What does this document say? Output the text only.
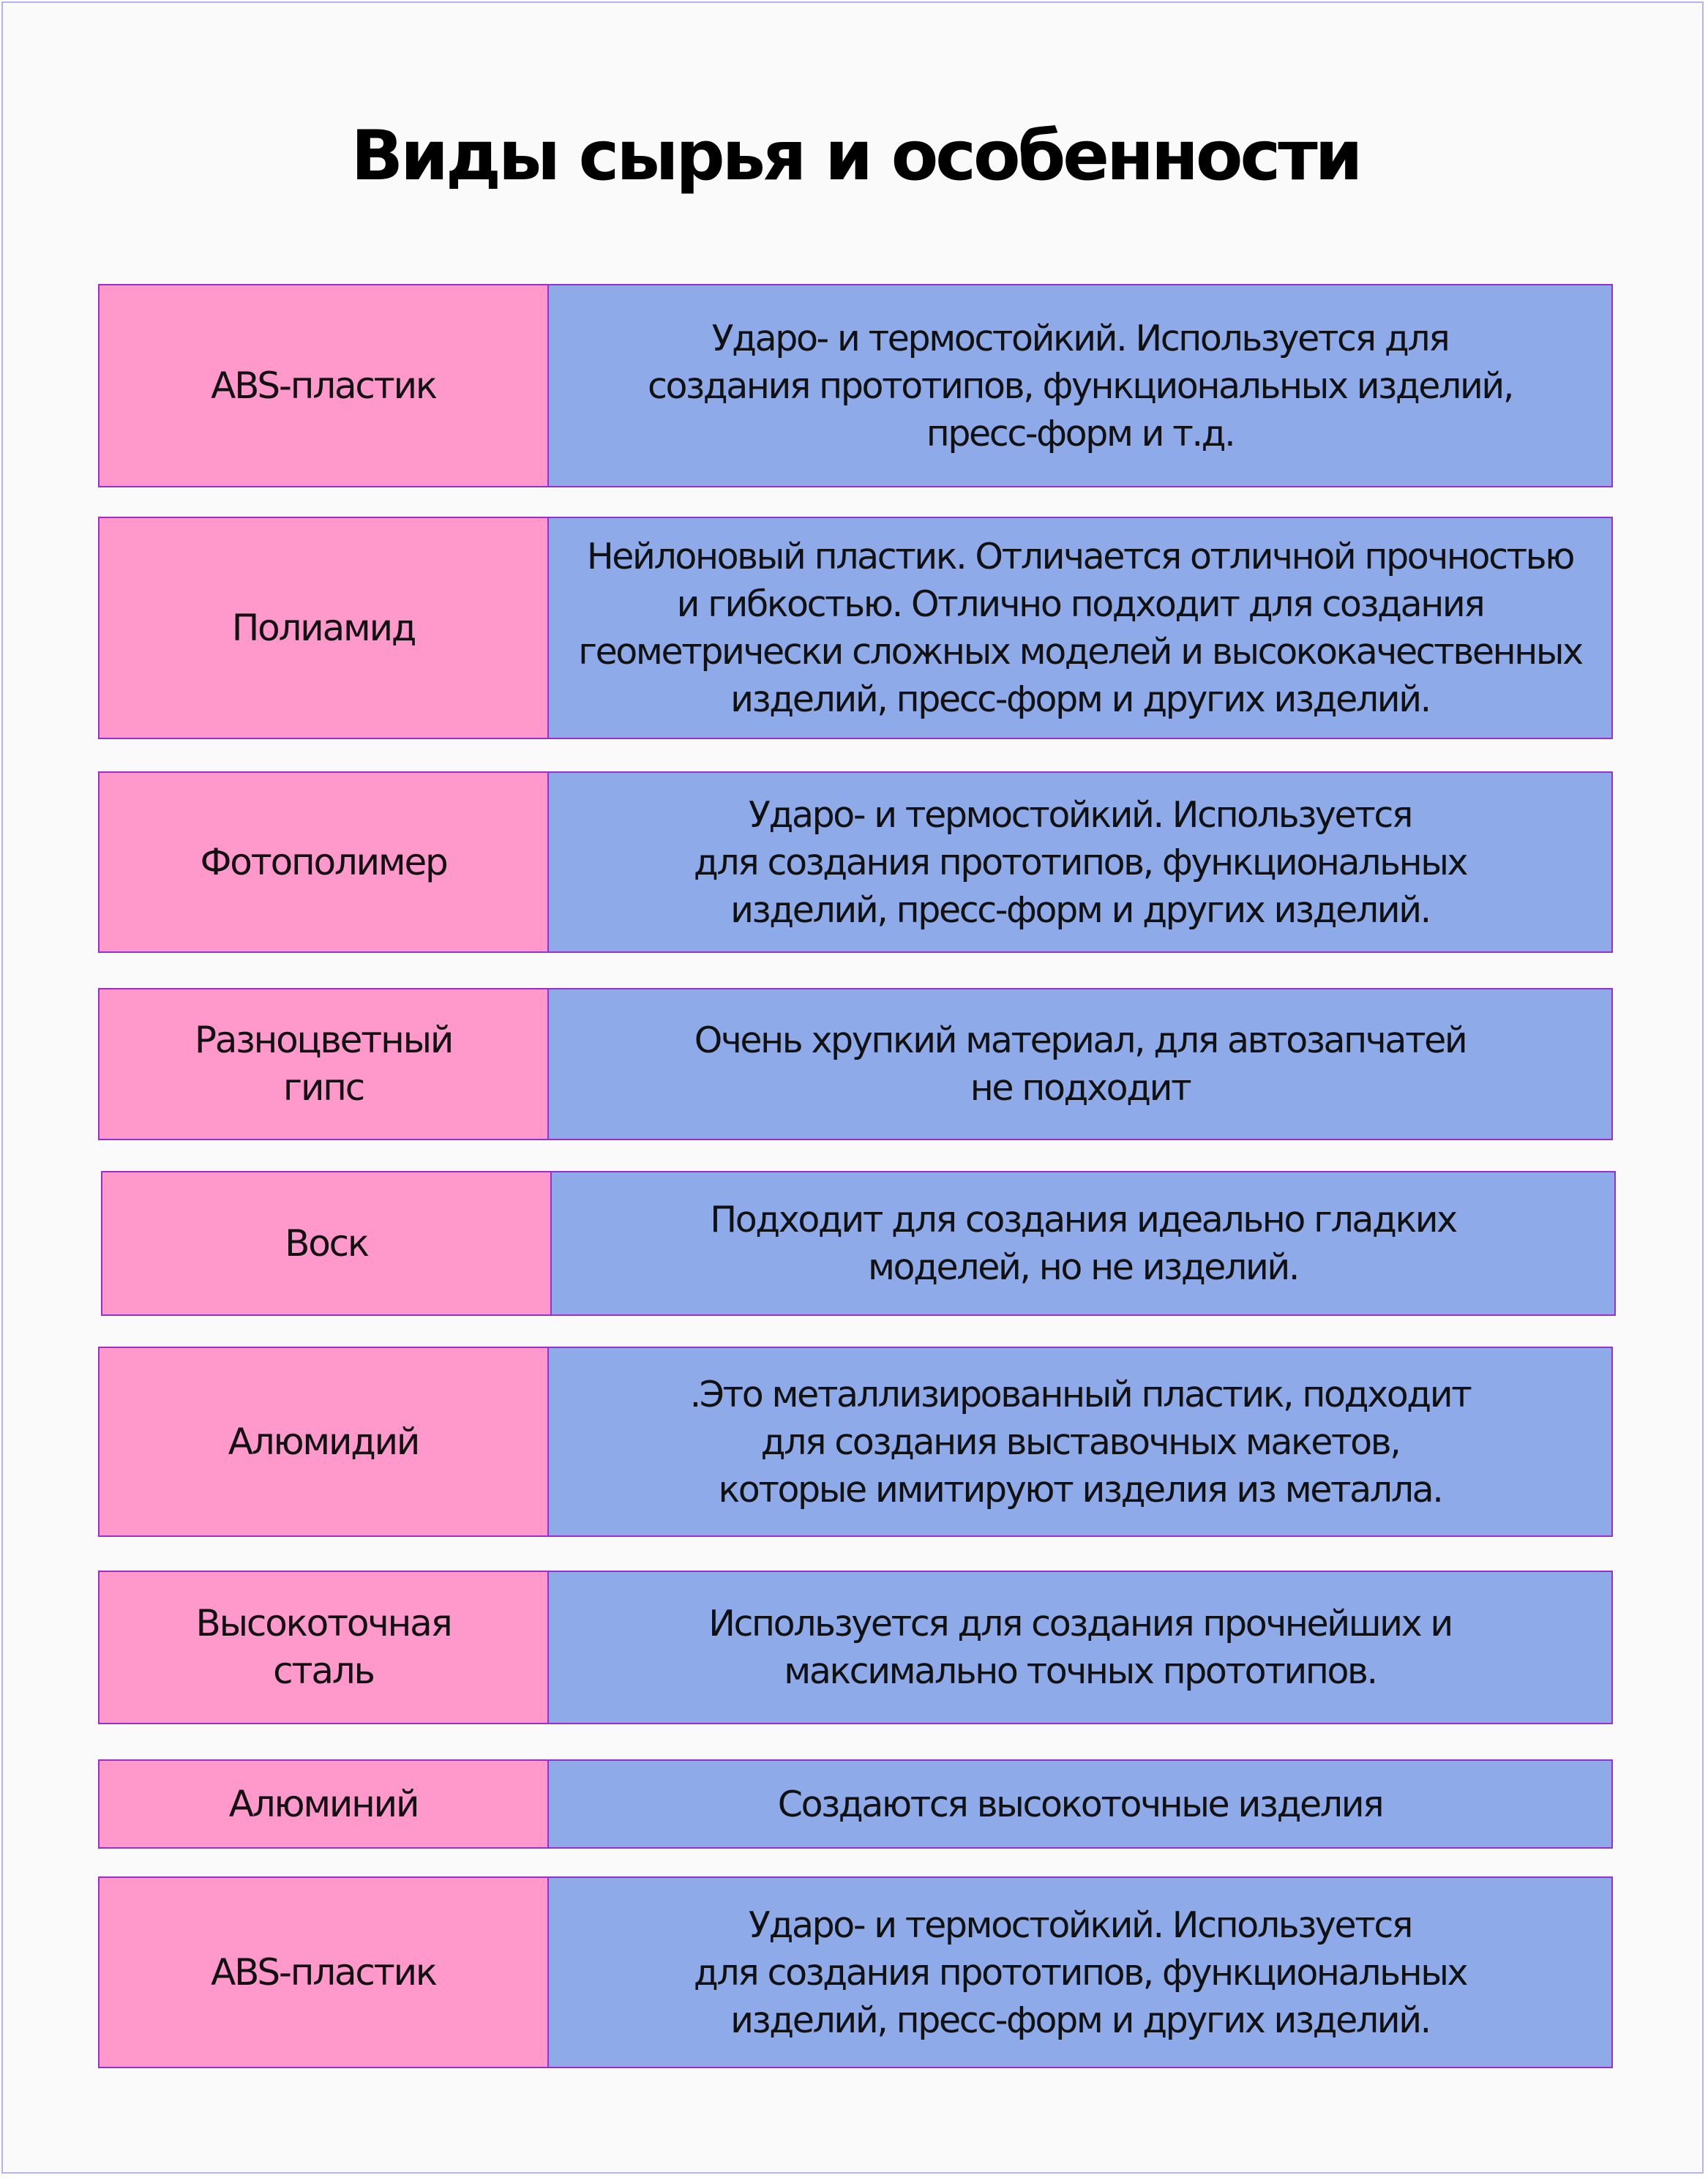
Виды сырья и особенности
ABS-пластик
Ударо- и термостойкий. Используется для
создания прототипов, функциональных изделий,
пресс-форм и т.д.
Полиамид
Нейлоновый пластик. Отличается отличной прочностью
и гибкостью. Отлично подходит для создания
геометрически сложных моделей и высококачественных
изделий, пресс-форм и других изделий.
Фотополимер
Ударо- и термостойкий. Используется
для создания прототипов, функциональных
изделий, пресс-форм и других изделий.
Разноцветный
гипс
Очень хрупкий материал, для автозапчатей
не подходит
Воск
Подходит для создания идеально гладких
моделей, но не изделий.
Алюмидий
.Это металлизированный пластик, подходит
для создания выставочных макетов,
которые имитируют изделия из металла.
Высокоточная
сталь
Используется для создания прочнейших и
максимально точных прототипов.
Алюминий	Создаются высокоточные изделия
ABS-пластик
Ударо- и термостойкий. Используется
для создания прототипов, функциональных
изделий, пресс-форм и других изделий.
